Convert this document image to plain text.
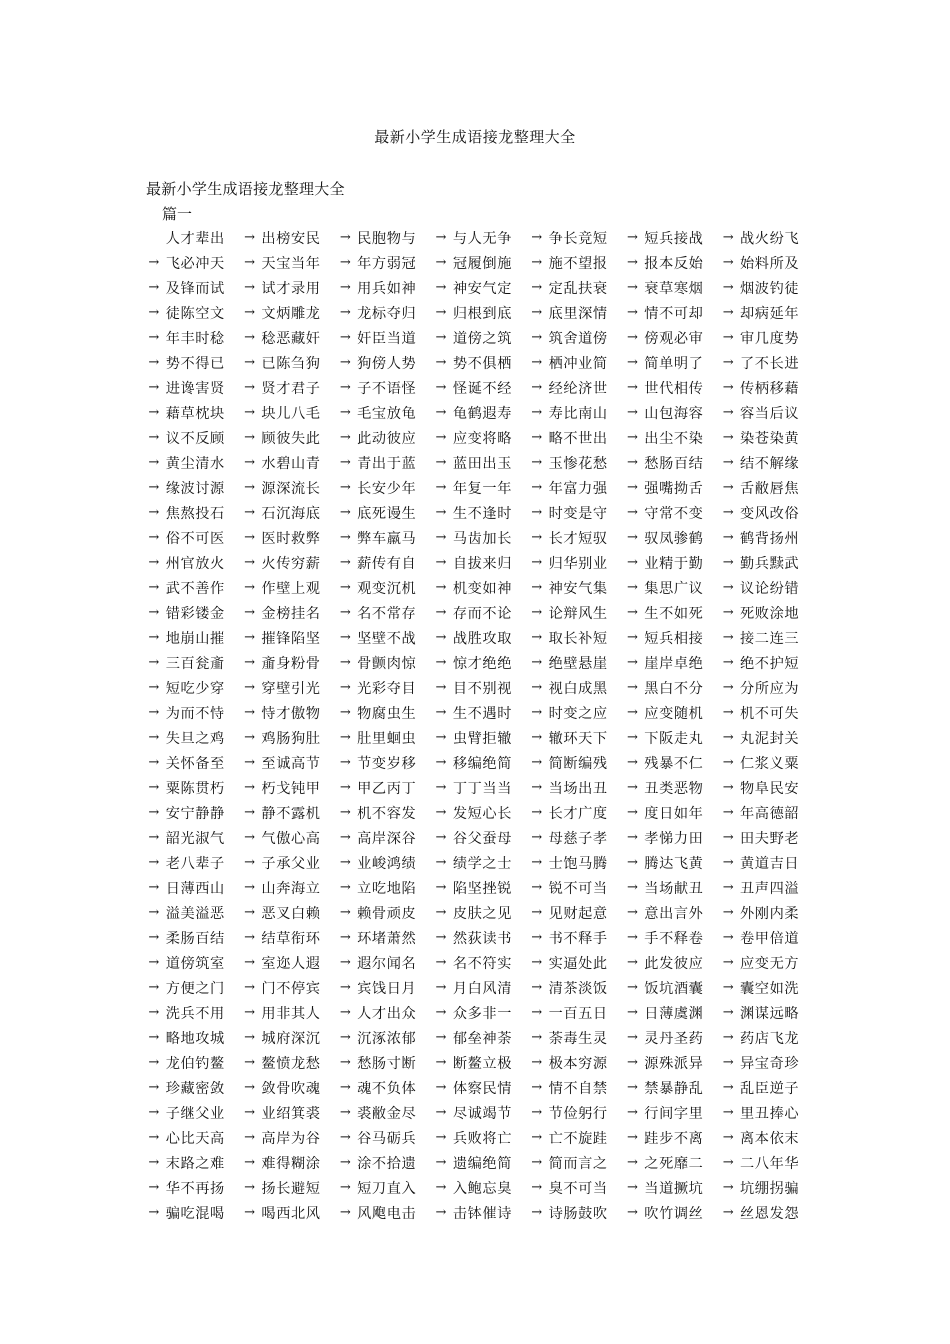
最新小学生成语接龙整理大全
最新小学生成语接龙整理大全
篇一
人才辈出	→ 出榜安民	→ 民胞物与	→ 与人无争	→ 争长竞短	→ 短兵接战	→ 战火纷飞
→ 飞必冲天	→ 天宝当年	→ 年方弱冠	→ 冠履倒施	→ 施不望报	→ 报本反始	→ 始料所及
→ 及锋而试	→ 试才录用	→ 用兵如神	→ 神安气定	→ 定乱扶衰	→ 衰草寒烟	→ 烟波钓徒
→ 徒陈空文	→ 文炳雕龙	→ 龙标夺归	→ 归根到底	→ 底里深情	→ 情不可却	→ 却病延年
→ 年丰时稔	→ 稔恶藏奸	→ 奸臣当道	→ 道傍之筑	→ 筑舍道傍	→ 傍观必审	→ 审几度势
→ 势不得已	→ 已陈刍狗	→ 狗傍人势	→ 势不俱栖	→ 栖冲业简	→ 简单明了	→ 了不长进
→ 进谗害贤	→ 贤才君子	→ 子不语怪	→ 怪诞不经	→ 经纶济世	→ 世代相传	→ 传柄移藉
→ 藉草枕块	→ 块儿八毛	→ 毛宝放龟	→ 龟鹤遐寿	→ 寿比南山	→ 山包海容	→ 容当后议
→ 议不反顾	→ 顾彼失此	→ 此动彼应	→ 应变将略	→ 略不世出	→ 出尘不染	→ 染苍染黄
→ 黄尘清水	→ 水碧山青	→ 青出于蓝	→ 蓝田出玉	→ 玉惨花愁	→ 愁肠百结	→ 结不解缘
→ 缘波讨源	→ 源深流长	→ 长安少年	→ 年复一年	→ 年富力强	→ 强嘴拗舌	→ 舌敝唇焦
→ 焦熬投石	→ 石沉海底	→ 底死谩生	→ 生不逢时	→ 时变是守	→ 守常不变	→ 变风改俗
→ 俗不可医	→ 医时救弊	→ 弊车羸马	→ 马齿加长	→ 长才短驭	→ 驭凤骖鹤	→ 鹤背扬州
→ 州官放火	→ 火传穷薪	→ 薪传有自	→ 自拔来归	→ 归华别业	→ 业精于勤	→ 勤兵黩武
→ 武不善作	→ 作壁上观	→ 观变沉机	→ 机变如神	→ 神安气集	→ 集思广议	→ 议论纷错
→ 错彩镂金	→ 金榜挂名	→ 名不常存	→ 存而不论	→ 论辩风生	→ 生不如死	→ 死败涂地
→ 地崩山摧	→ 摧锋陷坚	→ 坚壁不战	→ 战胜攻取	→ 取长补短	→ 短兵相接	→ 接二连三
→ 三百瓮齑	→ 齑身粉骨	→ 骨颤肉惊	→ 惊才绝绝	→ 绝壁悬崖	→ 崖岸卓绝	→ 绝不护短
→ 短吃少穿	→ 穿壁引光	→ 光彩夺目	→ 目不别视	→ 视白成黑	→ 黑白不分	→ 分所应为
→ 为而不恃	→ 恃才傲物	→ 物腐虫生	→ 生不遇时	→ 时变之应	→ 应变随机	→ 机不可失
→ 失旦之鸡	→ 鸡肠狗肚	→ 肚里蛔虫	→ 虫臂拒辙	→ 辙环天下	→ 下阪走丸	→ 丸泥封关
→ 关怀备至	→ 至诚高节	→ 节变岁移	→ 移编绝简	→ 简断编残	→ 残暴不仁	→ 仁浆义粟
→ 粟陈贯朽	→ 朽戈钝甲	→ 甲乙丙丁	→ 丁丁当当	→ 当场出丑	→ 丑类恶物	→ 物阜民安
→ 安宁静静	→ 静不露机	→ 机不容发	→ 发短心长	→ 长才广度	→ 度日如年	→ 年高德韶
→ 韶光淑气	→ 气傲心高	→ 高岸深谷	→ 谷父蚕母	→ 母慈子孝	→ 孝悌力田	→ 田夫野老
→ 老八辈子	→ 子承父业	→ 业峻鸿绩	→ 绩学之士	→ 士饱马腾	→ 腾达飞黄	→ 黄道吉日
→ 日薄西山	→ 山奔海立	→ 立吃地陷	→ 陷坚挫锐	→ 锐不可当	→ 当场献丑	→ 丑声四溢
→ 溢美溢恶	→ 恶叉白赖	→ 赖骨顽皮	→ 皮肤之见	→ 见财起意	→ 意出言外	→ 外刚内柔
→ 柔肠百结	→ 结草衔环	→ 环堵萧然	→ 然荻读书	→ 书不释手	→ 手不释卷	→ 卷甲倍道
→ 道傍筑室	→ 室迩人遐	→ 遐尔闻名	→ 名不符实	→ 实逼处此	→ 此发彼应	→ 应变无方
→ 方便之门	→ 门不停宾	→ 宾饯日月	→ 月白风清	→ 清茶淡饭	→ 饭坑酒囊	→ 囊空如洗
→ 洗兵不用	→ 用非其人	→ 人才出众	→ 众多非一	→ 一百五日	→ 日薄虞渊	→ 渊谋远略
→ 略地攻城	→ 城府深沉	→ 沉涿浓郁	→ 郁垒神荼	→ 荼毒生灵	→ 灵丹圣药	→ 药店飞龙
→ 龙伯钓鳌	→ 鳌愤龙愁	→ 愁肠寸断	→ 断鳌立极	→ 极本穷源	→ 源殊派异	→ 异宝奇珍
→ 珍藏密敛	→ 敛骨吹魂	→ 魂不负体	→ 体察民情	→ 情不自禁	→ 禁暴静乱	→ 乱臣逆子
→ 子继父业	→ 业绍箕裘	→ 裘敝金尽	→ 尽诚竭节	→ 节俭躬行	→ 行间字里	→ 里丑捧心
→ 心比天高	→ 高岸为谷	→ 谷马砺兵	→ 兵败将亡	→ 亡不旋跬	→ 跬步不离	→ 离本依末
→ 末路之难	→ 难得糊涂	→ 涂不拾遗	→ 遗编绝简	→ 简而言之	→ 之死靡二	→ 二八年华
→ 华不再扬	→ 扬长避短	→ 短刀直入	→ 入鲍忘臭	→ 臭不可当	→ 当道撅坑	→ 坑绷拐骗
→ 骗吃混喝	→ 喝西北风	→ 风飑电击	→ 击钵催诗	→ 诗肠鼓吹	→ 吹竹调丝	→ 丝恩发怨
